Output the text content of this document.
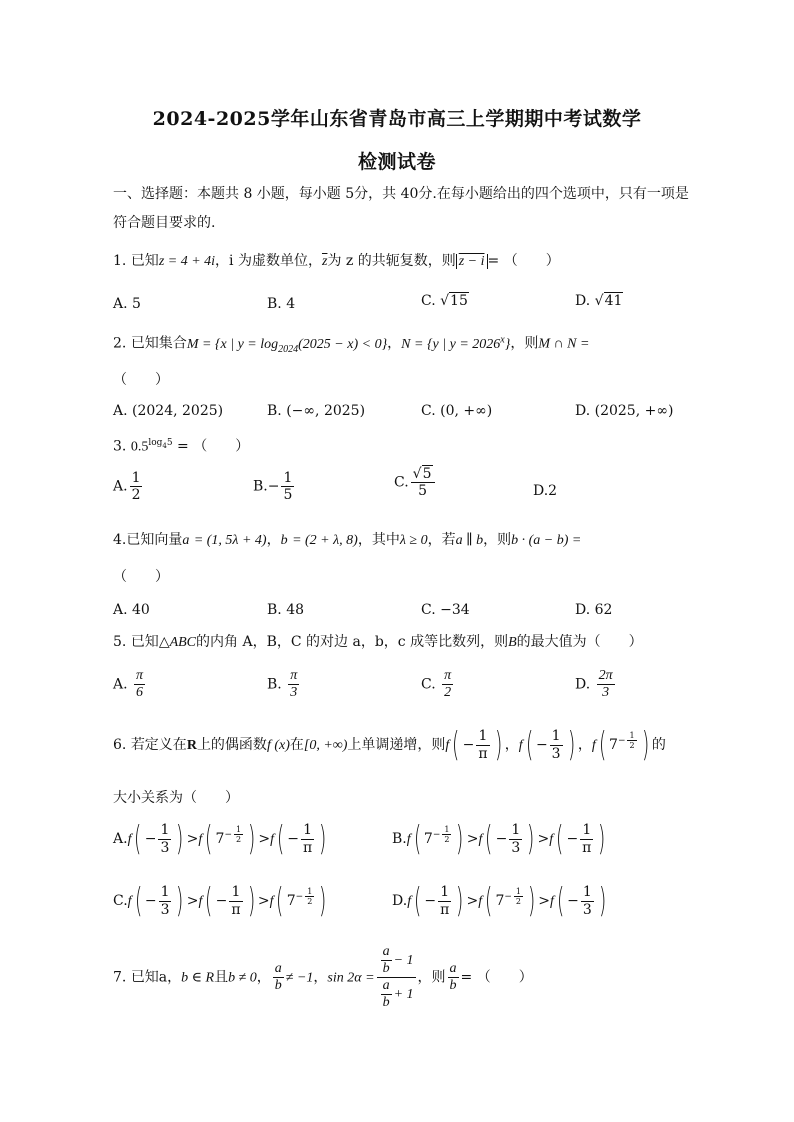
2024-2025学年山东省青岛市高三上学期期中考试数学
检测试卷
一、选择题：本题共 8 小题，每小题 5分，共 40分.在每小题给出的四个选项中，只有一项是
符合题目要求的.
1. 已知z = 4 + 4i，i 为虚数单位，$\overline{z}$为 z 的共轭复数，则 z − i = （　　）
A. 5	B. 4	C. √15	D. √41
2. 已知集合M = {x | $y = \log_{2024}(2025 - x) < 0$}，N = {y | $y = 2026^x$}，则M ∩ N =
（　　）
A. (2024, 2025)	B. (−∞, 2025)	C. (0, +∞)	D. (2025, +∞)
3. $0.5^{log_45}$ = （　　）
A. $\frac{1}{2}$	$B.- \frac{1}{5}$	C. $\frac{√5}{5}$	D.2
4.已知向量a = (1, 5λ + 4)，b = (2 + λ, 8)，其中λ ≥ 0，若a ∥ b，则b · (a − b) =
（　　）
A. 40	B. 48	C. −34	D. 62
5. 已知△ABC的内角 A，B，C 的对边 a，b，c 成等比数列，则B的最大值为（　　）
A. $\frac{\pi}{6}$	B. $\frac{\pi}{3}$	C. $\frac{\pi}{2}$	D. $\frac{2\pi}{3}$
6. 若定义在R上的偶函数f (x)在[0, +∞)上单调递增，则$f( - \frac{1}{\pi}$ ) ，$f( - \frac{1}{3}$ ) ，f( $7^{- \frac{1}{2}}$ ) 的
大小关系为（　　）
$A.f( - \frac{1}{3}$ ) >f( $7^{- \frac{1}{2}}$ ) $>f( - \frac{1}{\pi}$ )	B.f( $7^{- \frac{1}{2}}$ ) $>f( - \frac{1}{3}$ ) $>f( - \frac{1}{\pi}$ )
$C.f( - \frac{1}{3}$ ) $>f( - \frac{1}{\pi}$ ) >f( $7^{- \frac{1}{2}}$ )	$D.f( - \frac{1}{\pi}$ ) >f( $7^{- \frac{1}{2}}$ ) $>f( - \frac{1}{3}$ )
7. 已知a，b ∈ R且b ≠ 0， $\frac{a}{b} \ne -1$，$\sin 2\alpha = \frac{\frac{a}{b} - 1}{\frac{a}{b} + 1}$ ，则 $\frac{a}{b}$ = （　　）
